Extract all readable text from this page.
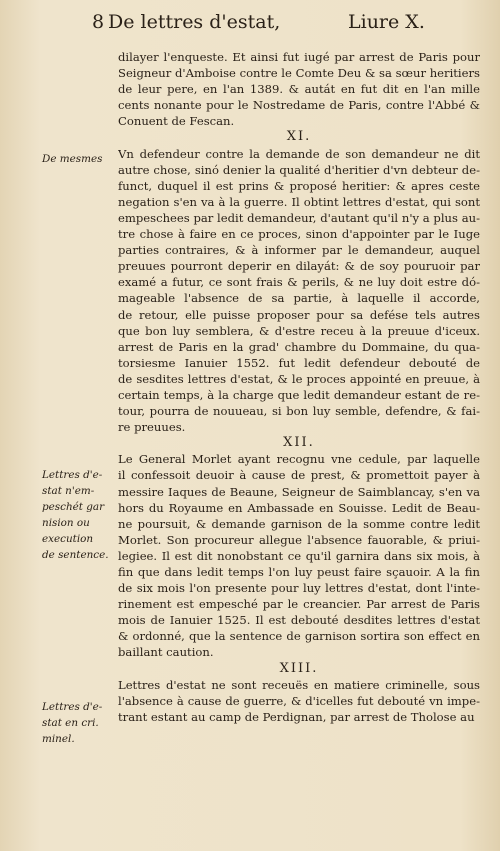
8 De lettres d'estat,	Liure X.
De mesmes
Lettres d'e-
stat n'em-
peschét gar
nision ou
execution
de sentence.
Lettres d'e-
stat en cri.
minel.
dilayer l'enqueste. Et ainsi fut iugé par arrest de Paris pour
Seigneur d'Amboise contre le Comte Deu & sa sœur heritiers
de leur pere, en l'an 1389. & autát en fut dit en l'an mille
cents nonante pour le Nostredame de Paris, contre l'Abbé &
Conuent de Fescan.
XI.
Vn defendeur contre la demande de son demandeur ne dit
autre chose, sinó denier la qualité d'heritier d'vn debteur de-
funct, duquel il est prins & proposé heritier: & apres ceste
negation s'en va à la guerre. Il obtint lettres d'estat, qui sont
empeschees par ledit demandeur, d'autant qu'il n'y a plus au-
tre chose à faire en ce proces, sinon d'appointer par le Iuge
parties contraires, & à informer par le demandeur, auquel
preuues pourront deperir en dilayát: & de soy pouruoir par
examé a futur, ce sont frais & perils, & ne luy doit estre dó-
mageable l'absence de sa partie, à laquelle il accorde,
de retour, elle puisse proposer pour sa defése tels autres
que bon luy semblera, & d'estre receu à la preuue d'iceux.
arrest de Paris en la grad' chambre du Dommaine, du qua-
torsiesme Ianuier 1552. fut ledit defendeur debouté de
de sesdites lettres d'estat, & le proces appointé en preuue, à
certain temps, à la charge que ledit demandeur estant de re-
tour, pourra de nouueau, si bon luy semble, defendre, & fai-
re preuues.
XII.
Le General Morlet ayant recognu vne cedule, par laquelle
il confessoit deuoir à cause de prest, & promettoit payer à
messire Iaques de Beaune, Seigneur de Saimblancay, s'en va
hors du Royaume en Ambassade en Souisse. Ledit de Beau-
ne poursuit, & demande garnison de la somme contre ledit
Morlet. Son procureur allegue l'absence fauorable, & priui-
legiee. Il est dit nonobstant ce qu'il garnira dans six mois, à
fin que dans ledit temps l'on luy peust faire sçauoir. A la fin
de six mois l'on presente pour luy lettres d'estat, dont l'inte-
rinement est empesché par le creancier. Par arrest de Paris
mois de Ianuier 1525. Il est debouté desdites lettres d'estat
& ordonné, que la sentence de garnison sortira son effect en
baillant caution.
XIII.
Lettres d'estat ne sont receuës en matiere criminelle, sous
l'absence à cause de guerre, & d'icelles fut debouté vn impe-
trant estant au camp de Perdignan, par arrest de Tholose au
